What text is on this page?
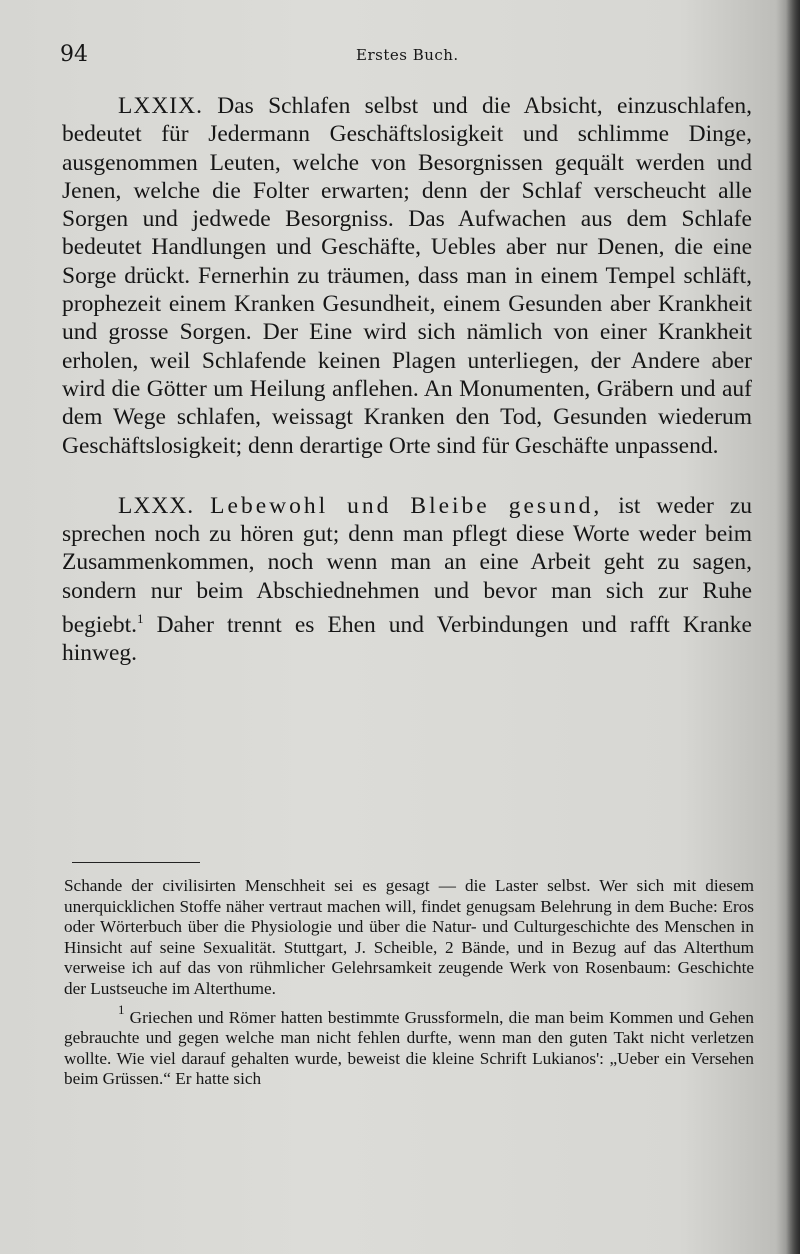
94	Erstes Buch.

LXXIX. Das Schlafen selbst und die Absicht, einzuschlafen, bedeutet für Jedermann Geschäftslosigkeit und schlimme Dinge, ausgenommen Leuten, welche von Besorgnissen gequält werden und Jenen, welche die Folter erwarten; denn der Schlaf verscheucht alle Sorgen und jedwede Besorgniss. Das Aufwachen aus dem Schlafe bedeutet Handlungen und Geschäfte, Uebles aber nur Denen, die eine Sorge drückt. Fernerhin zu träumen, dass man in einem Tempel schläft, prophezeit einem Kranken Gesundheit, einem Gesunden aber Krankheit und grosse Sorgen. Der Eine wird sich nämlich von einer Krankheit erholen, weil Schlafende keinen Plagen unterliegen, der Andere aber wird die Götter um Heilung anflehen. An Monumenten, Gräbern und auf dem Wege schlafen, weissagt Kranken den Tod, Gesunden wiederum Geschäftslosigkeit; denn derartige Orte sind für Geschäfte unpassend.

LXXX. Lebewohl und Bleibe gesund, ist weder zu sprechen noch zu hören gut; denn man pflegt diese Worte weder beim Zusammenkommen, noch wenn man an eine Arbeit geht zu sagen, sondern nur beim Abschiednehmen und bevor man sich zur Ruhe begiebt.$^1$ Daher trennt es Ehen und Verbindungen und rafft Kranke hinweg.

Schande der civilisirten Menschheit sei es gesagt — die Laster selbst. Wer sich mit diesem unerquicklichen Stoffe näher vertraut machen will, findet genugsam Belehrung in dem Buche: Eros oder Wörterbuch über die Physiologie und über die Natur- und Culturgeschichte des Menschen in Hinsicht auf seine Sexualität. Stuttgart, J. Scheible, 2 Bände, und in Bezug auf das Alterthum verweise ich auf das von rühmlicher Gelehrsamkeit zeugende Werk von Rosenbaum: Geschichte der Lustseuche im Alterthume.

$^1$ Griechen und Römer hatten bestimmte Grussformeln, die man beim Kommen und Gehen gebrauchte und gegen welche man nicht fehlen durfte, wenn man den guten Takt nicht verletzen wollte. Wie viel darauf gehalten wurde, beweist die kleine Schrift Lukianos': „Ueber ein Versehen beim Grüssen.“ Er hatte sich
